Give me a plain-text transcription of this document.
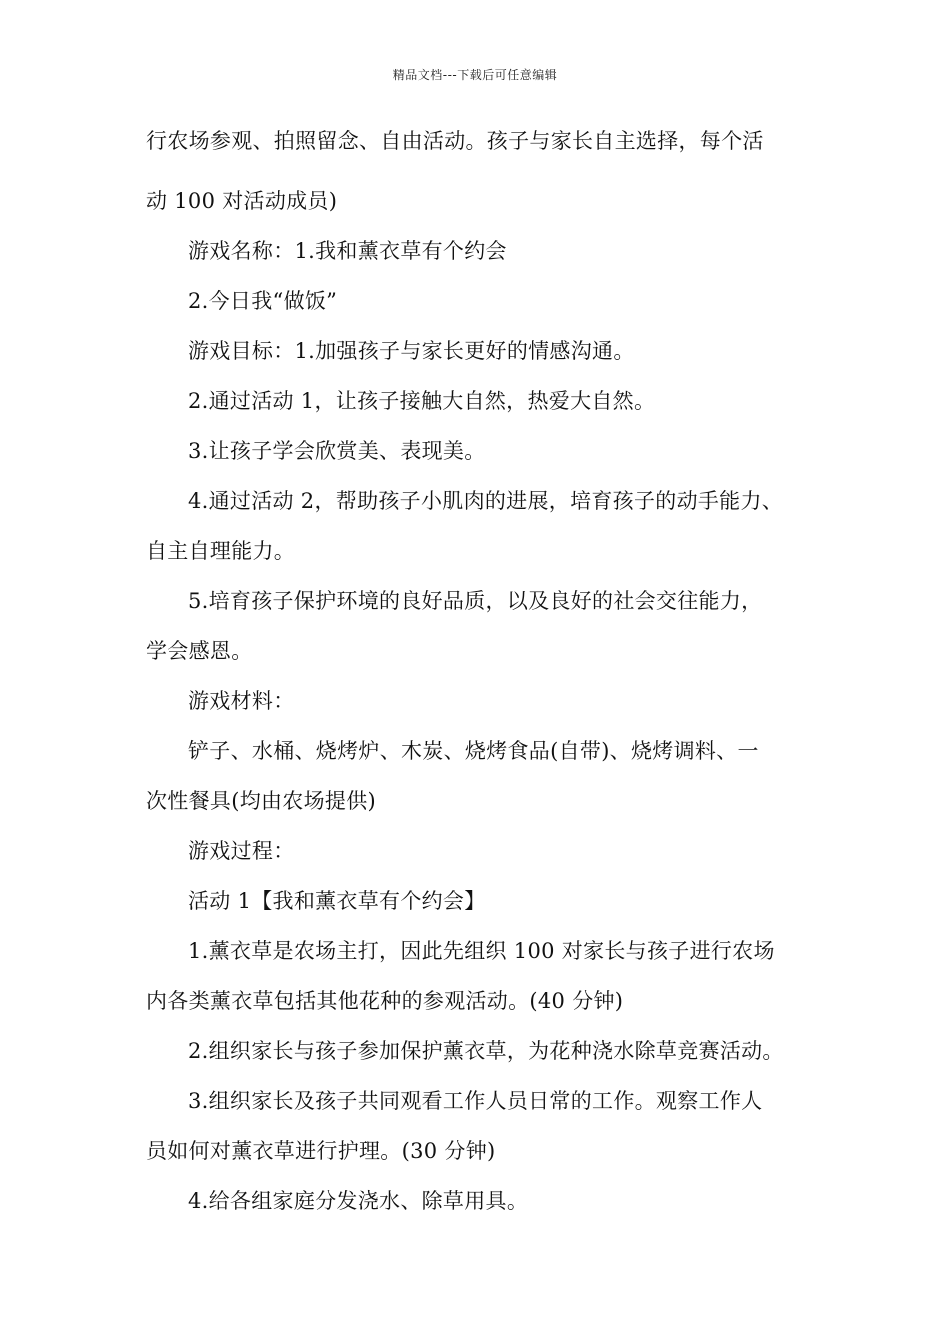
精品文档---下载后可任意编辑
行农场参观、拍照留念、自由活动。孩子与家长自主选择，每个活
动 100 对活动成员)
游戏名称：1.我和薰衣草有个约会
2.今日我“做饭”
游戏目标：1.加强孩子与家长更好的情感沟通。
2.通过活动 1，让孩子接触大自然，热爱大自然。
3.让孩子学会欣赏美、表现美。
4.通过活动 2，帮助孩子小肌肉的进展，培育孩子的动手能力、
自主自理能力。
5.培育孩子保护环境的良好品质，以及良好的社会交往能力，
学会感恩。
游戏材料：
铲子、水桶、烧烤炉、木炭、烧烤食品(自带)、烧烤调料、一
次性餐具(均由农场提供)
游戏过程：
活动 1【我和薰衣草有个约会】
1.薰衣草是农场主打，因此先组织 100 对家长与孩子进行农场
内各类薰衣草包括其他花种的参观活动。(40 分钟)
2.组织家长与孩子参加保护薰衣草，为花种浇水除草竞赛活动。
3.组织家长及孩子共同观看工作人员日常的工作。观察工作人
员如何对薰衣草进行护理。(30 分钟)
4.给各组家庭分发浇水、除草用具。
